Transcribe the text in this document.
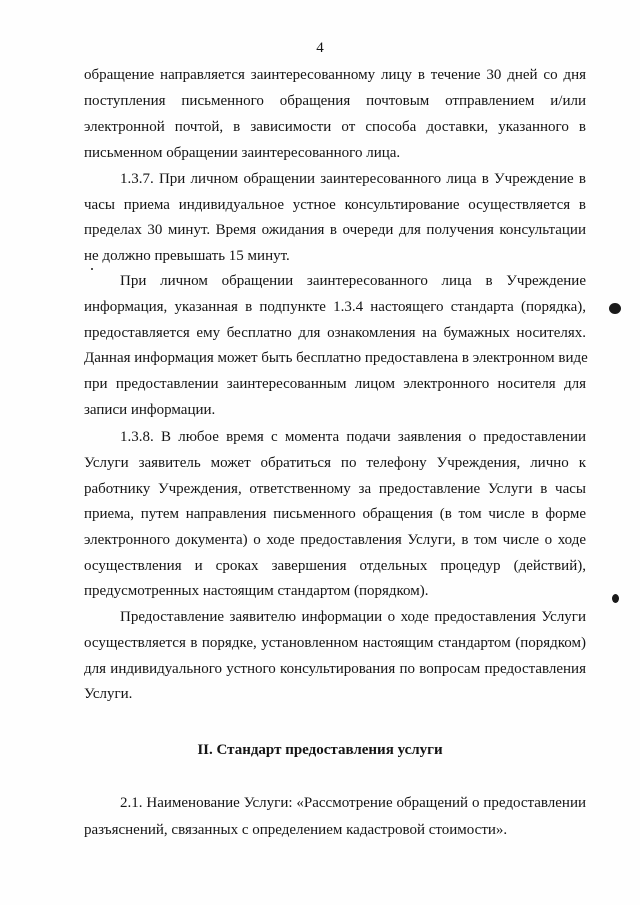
4
обращение направляется заинтересованному лицу в течение 30 дней со дня
поступления письменного обращения почтовым отправлением и/или
электронной почтой, в зависимости от способа доставки, указанного в
письменном обращении заинтересованного лица.
1.3.7. При личном обращении заинтересованного лица в Учреждение в
часы приема индивидуальное устное консультирование осуществляется в
пределах 30 минут. Время ожидания в очереди для получения консультации
не должно превышать 15 минут.
При личном обращении заинтересованного лица в Учреждение
информация, указанная в подпункте 1.3.4 настоящего стандарта (порядка),
предоставляется ему бесплатно для ознакомления на бумажных носителях.
Данная информация может быть бесплатно предоставлена в электронном виде
при предоставлении заинтересованным лицом электронного носителя для
записи информации.
1.3.8. В любое время с момента подачи заявления о предоставлении
Услуги заявитель может обратиться по телефону Учреждения, лично к
работнику Учреждения, ответственному за предоставление Услуги в часы
приема, путем направления письменного обращения (в том числе в форме
электронного документа) о ходе предоставления Услуги, в том числе о ходе
осуществления и сроках завершения отдельных процедур (действий),
предусмотренных настоящим стандартом (порядком).
Предоставление заявителю информации о ходе предоставления Услуги
осуществляется в порядке, установленном настоящим стандартом (порядком)
для индивидуального устного консультирования по вопросам предоставления
Услуги.
II. Стандарт предоставления услуги
2.1. Наименование Услуги: «Рассмотрение обращений о предоставлении
разъяснений, связанных с определением кадастровой стоимости».
